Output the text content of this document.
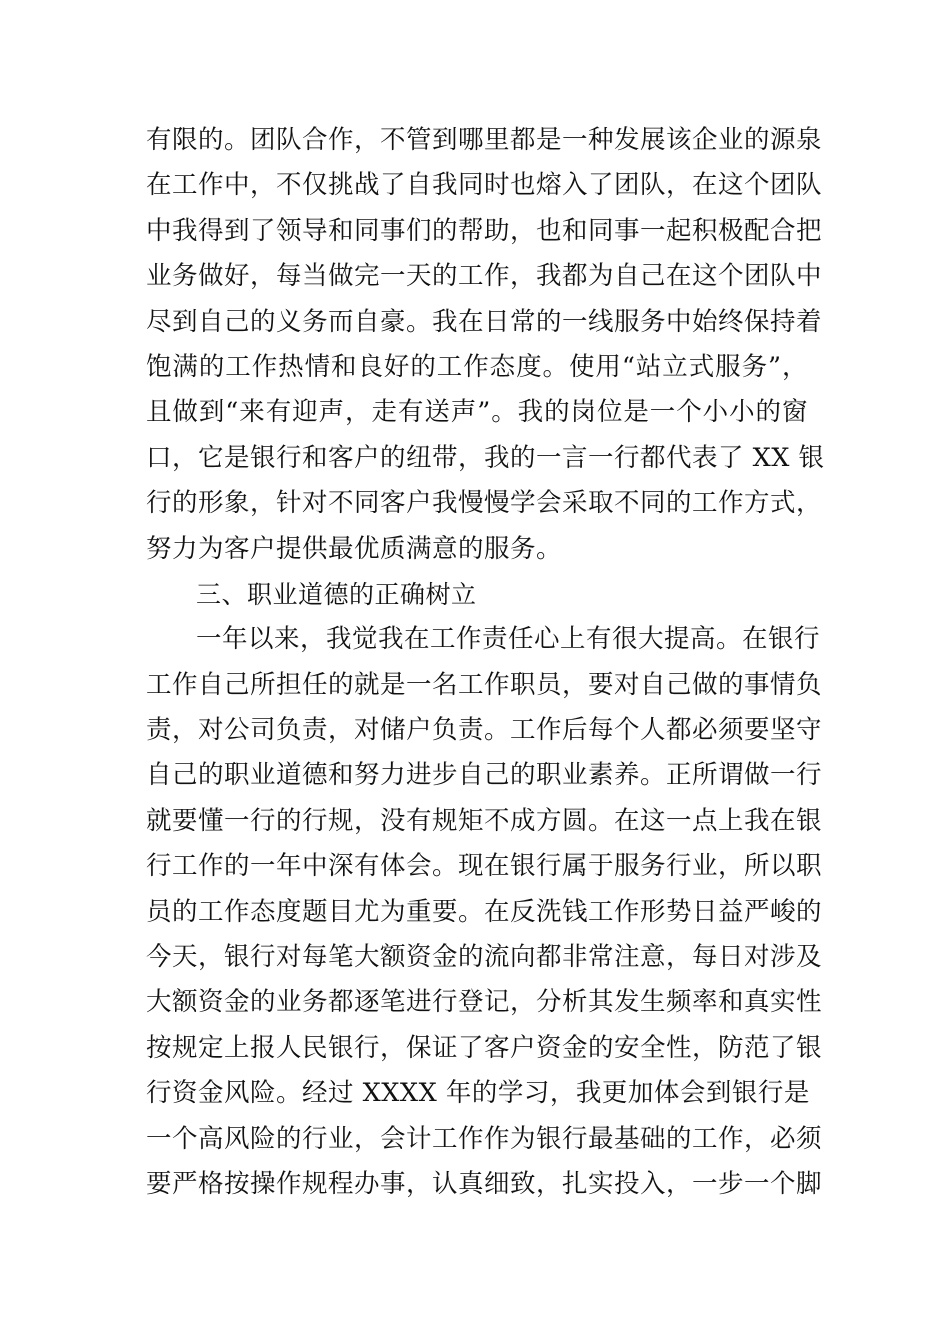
有限的。团队合作，不管到哪里都是一种发展该企业的源泉
在工作中，不仅挑战了自我同时也熔入了团队，在这个团队
中我得到了领导和同事们的帮助，也和同事一起积极配合把
业务做好，每当做完一天的工作，我都为自己在这个团队中
尽到自己的义务而自豪。我在日常的一线服务中始终保持着
饱满的工作热情和良好的工作态度。使用“站立式服务”，
且做到“来有迎声，走有送声”。我的岗位是一个小小的窗
口，它是银行和客户的纽带，我的一言一行都代表了 XX 银
行的形象，针对不同客户我慢慢学会采取不同的工作方式，
努力为客户提供最优质满意的服务。
三、职业道德的正确树立
一年以来，我觉我在工作责任心上有很大提高。在银行
工作自己所担任的就是一名工作职员，要对自己做的事情负
责，对公司负责，对储户负责。工作后每个人都必须要坚守
自己的职业道德和努力进步自己的职业素养。正所谓做一行
就要懂一行的行规，没有规矩不成方圆。在这一点上我在银
行工作的一年中深有体会。现在银行属于服务行业，所以职
员的工作态度题目尤为重要。在反洗钱工作形势日益严峻的
今天，银行对每笔大额资金的流向都非常注意，每日对涉及
大额资金的业务都逐笔进行登记，分析其发生频率和真实性
按规定上报人民银行，保证了客户资金的安全性，防范了银
行资金风险。经过 XXXX 年的学习，我更加体会到银行是
一个高风险的行业，会计工作作为银行最基础的工作，必须
要严格按操作规程办事，认真细致，扎实投入，一步一个脚
